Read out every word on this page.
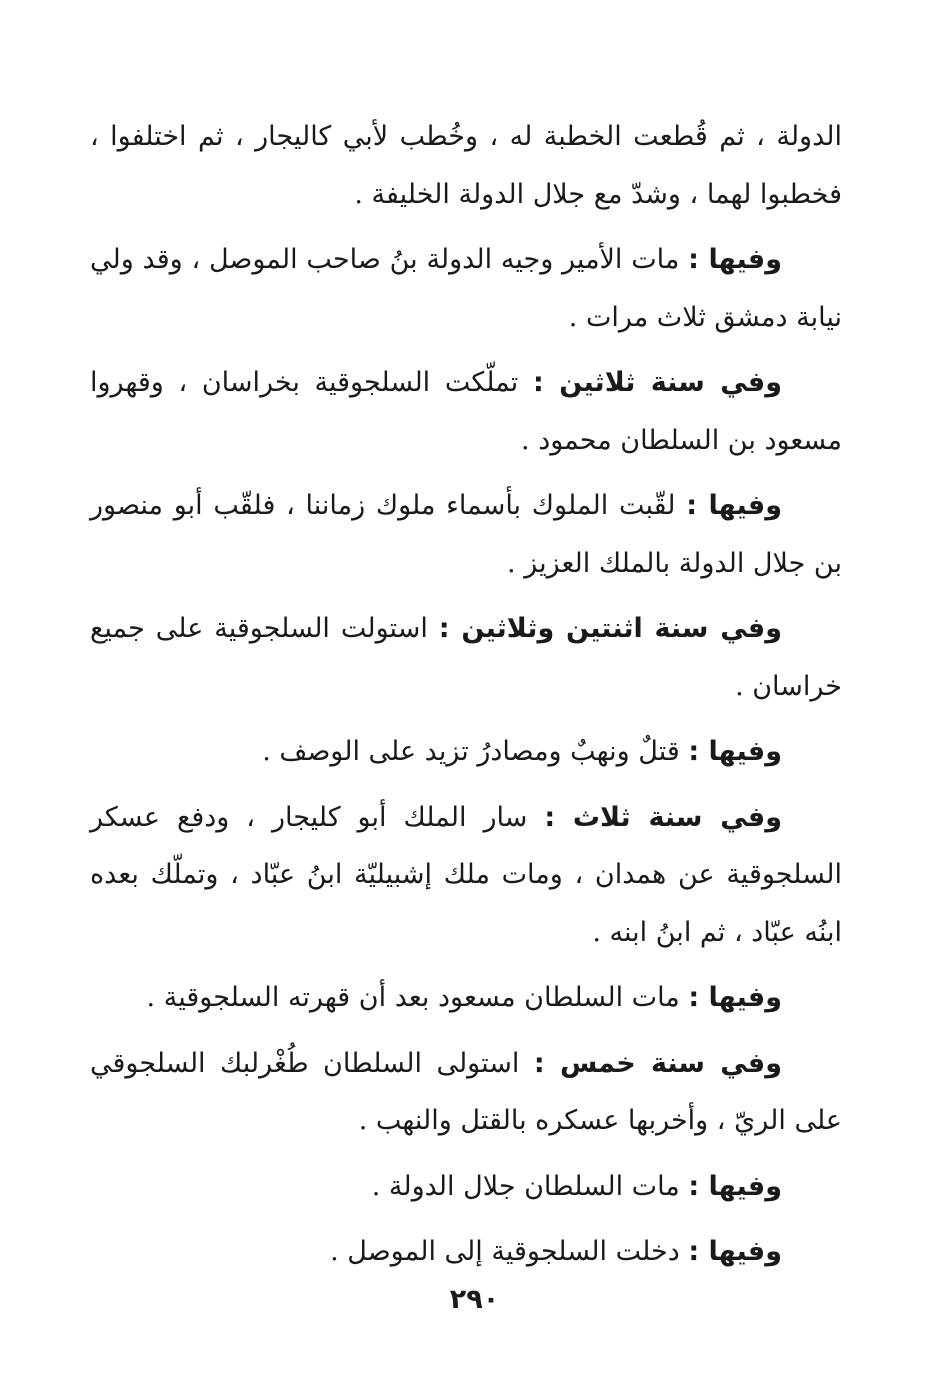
الدولة ، ثم قُطعت الخطبة له ، وخُطب لأبي كاليجار ، ثم اختلفوا ، فخطبوا لهما ، وشدّ مع جلال الدولة الخليفة .

وفيها : مات الأمير وجيه الدولة بنُ صاحب الموصل ، وقد ولي نيابة دمشق ثلاث مرات .

وفي سنة ثلاثين : تملّكت السلجوقية بخراسان ، وقهروا مسعود بن السلطان محمود .

وفيها : لقّبت الملوك بأسماء ملوك زماننا ، فلقّب أبو منصور بن جلال الدولة بالملك العزيز .

وفي سنة اثنتين وثلاثين : استولت السلجوقية على جميع خراسان .

وفيها : قتلٌ ونهبٌ ومصادرُ تزيد على الوصف .

وفي سنة ثلاث : سار الملك أبو كليجار ، ودفع عسكر السلجوقية عن همدان ، ومات ملك إشبيليّة ابنُ عبّاد ، وتملّك بعده ابنُه عبّاد ، ثم ابنُ ابنه .

وفيها : مات السلطان مسعود بعد أن قهرته السلجوقية .

وفي سنة خمس : استولى السلطان طُغْرلبك السلجوقي على الريّ ، وأخربها عسكره بالقتل والنهب .

وفيها : مات السلطان جلال الدولة .

وفيها : دخلت السلجوقية إلى الموصل .

٢٩٠
